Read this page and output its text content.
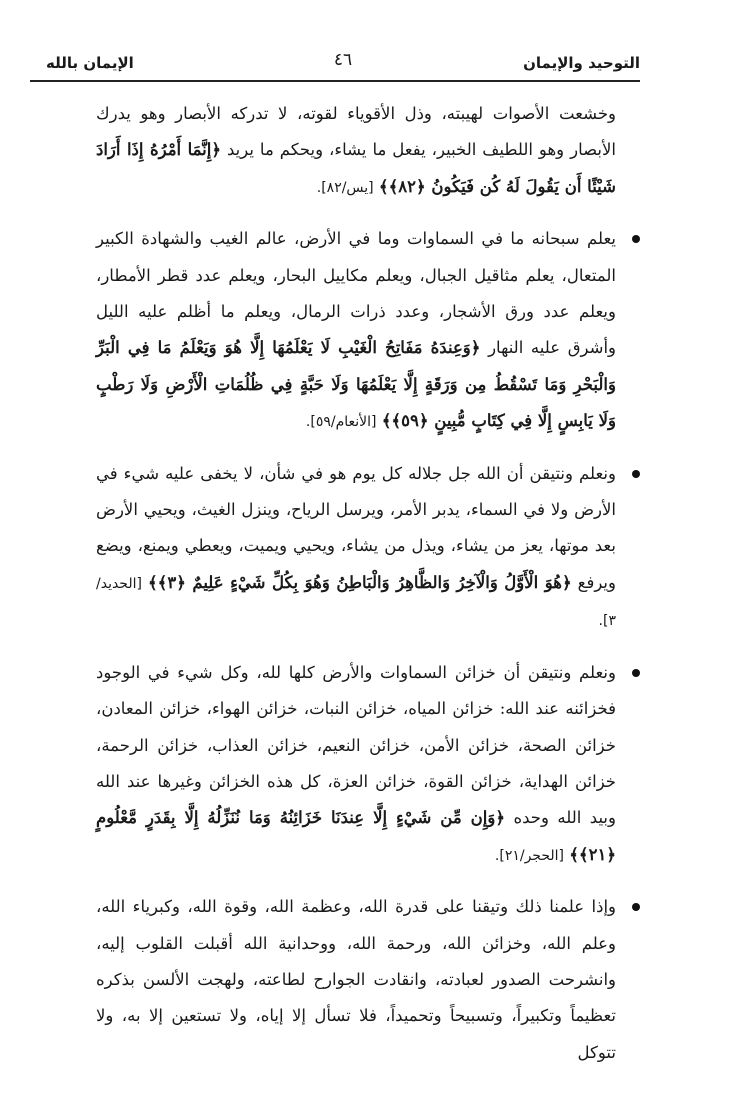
التوحيد والإيمان
٤٦
الإيمان بالله

وخشعت الأصوات لهيبته، وذل الأقوياء لقوته، لا تدركه الأبصار وهو يدرك الأبصار وهو اللطيف الخبير، يفعل ما يشاء، ويحكم ما يريد ﴿إِنَّمَا أَمْرُهُ إِذَا أَرَادَ شَيْئًا أَن يَقُولَ لَهُ كُن فَيَكُونُ ﴿٨٢﴾﴾ [يس/٨٢].

يعلم سبحانه ما في السماوات وما في الأرض، عالم الغيب والشهادة الكبير المتعال، يعلم مثاقيل الجبال، ويعلم مكاييل البحار، ويعلم عدد قطر الأمطار، ويعلم عدد ورق الأشجار، وعدد ذرات الرمال، ويعلم ما أظلم عليه الليل وأشرق عليه النهار ﴿وَعِندَهُ مَفَاتِحُ الْغَيْبِ لَا يَعْلَمُهَا إِلَّا هُوَ وَيَعْلَمُ مَا فِي الْبَرِّ وَالْبَحْرِ وَمَا تَسْقُطُ مِن وَرَقَةٍ إِلَّا يَعْلَمُهَا وَلَا حَبَّةٍ فِي ظُلُمَاتِ الْأَرْضِ وَلَا رَطْبٍ وَلَا يَابِسٍ إِلَّا فِي كِتَابٍ مُّبِينٍ ﴿٥٩﴾﴾ [الأنعام/٥٩].

ونعلم ونتيقن أن الله جل جلاله كل يوم هو في شأن، لا يخفى عليه شيء في الأرض ولا في السماء، يدبر الأمر، ويرسل الرياح، وينزل الغيث، ويحيي الأرض بعد موتها، يعز من يشاء، ويذل من يشاء، ويحيي ويميت، ويعطي ويمنع، ويضع ويرفع ﴿هُوَ الْأَوَّلُ وَالْآخِرُ وَالظَّاهِرُ وَالْبَاطِنُ وَهُوَ بِكُلِّ شَيْءٍ عَلِيمٌ ﴿٣﴾﴾ [الحديد/٣].

ونعلم ونتيقن أن خزائن السماوات والأرض كلها لله، وكل شيء في الوجود فخزائنه عند الله: خزائن المياه، خزائن النبات، خزائن الهواء، خزائن المعادن، خزائن الصحة، خزائن الأمن، خزائن النعيم، خزائن العذاب، خزائن الرحمة، خزائن الهداية، خزائن القوة، خزائن العزة، كل هذه الخزائن وغيرها عند الله وبيد الله وحده ﴿وَإِن مِّن شَيْءٍ إِلَّا عِندَنَا خَزَائِنُهُ وَمَا نُنَزِّلُهُ إِلَّا بِقَدَرٍ مَّعْلُومٍ ﴿٢١﴾﴾ [الحجر/٢١].

وإذا علمنا ذلك وتيقنا على قدرة الله، وعظمة الله، وقوة الله، وكبرياء الله، وعلم الله، وخزائن الله، ورحمة الله، ووحدانية الله أقبلت القلوب إليه، وانشرحت الصدور لعبادته، وانقادت الجوارح لطاعته، ولهجت الألسن بذكره تعظيماً وتكبيراً، وتسبيحاً وتحميداً، فلا تسأل إلا إياه، ولا تستعين إلا به، ولا تتوكل
